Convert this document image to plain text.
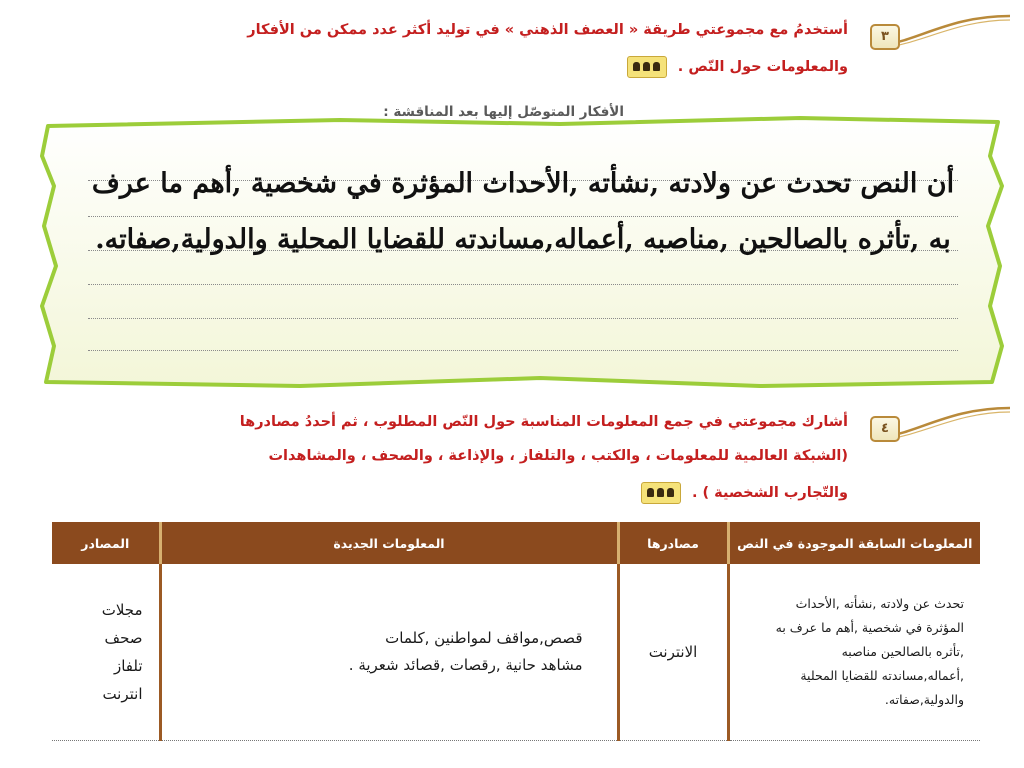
٣
أستخدمُ مع مجموعتي طريقة « العصف الذهني » في توليد أكثر عدد ممكن من الأفكار
والمعلومات حول النّص .
الأفكار المتوصّل إليها بعد المناقشة :
أن النص تحدث عن ولادته ,نشأته ,الأحداث المؤثرة في شخصية ,أهم ما عرف به ,تأثره بالصالحين ,مناصبه ,أعماله,مساندته للقضايا المحلية والدولية,صفاته.
٤
أشارك مجموعتي في جمع المعلومات المناسبة حول النّص المطلوب ، ثم أحددُ مصادرها
(الشبكة العالمية للمعلومات ، والكتب ، والتلفاز ، والإذاعة ، والصحف ، والمشاهدات
والتّجارب الشخصية ) .
المعلومات السابقة الموجودة في النص	مصادرها	المعلومات الجديدة	المصادر

تحدث عن ولادته ,نشأته ,الأحداث
المؤثرة في شخصية ,أهم ما عرف به
,تأثره بالصالحين مناصبه
,أعماله,مساندته للقضايا المحلية
والدولية,صفاته.	الانترنت	قصص,مواقف لمواطنين ,كلمات
مشاهد حانية ,رقصات ,قصائد شعرية .	مجلات
صحف
تلفاز
انترنت
